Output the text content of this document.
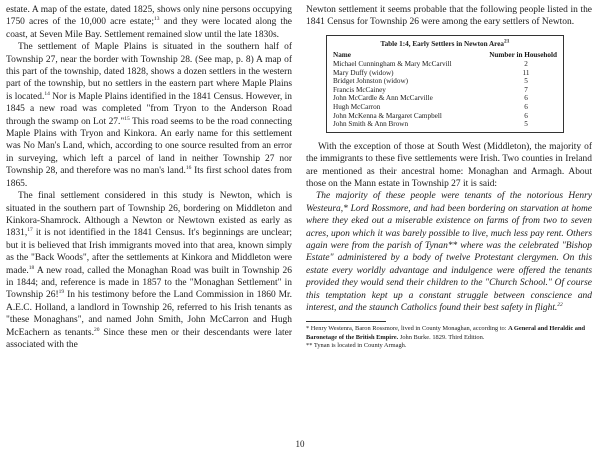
estate. A map of the estate, dated 1825, shows only nine persons occupying 1750 acres of the 10,000 acre estate;$^{13}$ and they were located along the coast, at Seven Mile Bay. Settlement remained slow until the late 1830s.

The settlement of Maple Plains is situated in the southern half of Township 27, near the border with Township 28. (See map, p. 8) A map of this part of the township, dated 1828, shows a dozen settlers in the western part of the township, but no settlers in the eastern part where Maple Plains is located.$^{14}$ Nor is Maple Plains identified in the 1841 Census. However, in 1845 a new road was completed "from Tryon to the Anderson Road through the swamp on Lot 27."$^{15}$ This road seems to be the road connecting Maple Plains with Tryon and Kinkora. An early name for this settlement was No Man's Land, which, according to one source resulted from an error in surveying, which left a parcel of land in neither Township 27 nor Township 28, and therefore was no man's land.$^{16}$ Its first school dates from 1865.

The final settlement considered in this study is Newton, which is situated in the southern part of Township 26, bordering on Middleton and Kinkora-Shamrock. Although a Newton or Newtown existed as early as 1831,17 it is not identified in the 1841 Census. It's beginnings are unclear; but it is believed that Irish immigrants moved into that area, known simply as the "Back Woods", after the settlements at Kinkora and Middleton were made.$^{18}$ A new road, called the Monaghan Road was built in Township 26 in 1844; and, reference is made in 1857 to the "Monaghan Settlement" in Township 26!$^{19}$ In his testimony before the Land Commission in 1860 Mr. A.E.C. Holland, a landlord in Township 26, referred to his Irish tenants as "these Monaghans", and named John Smith, John McCarron and Hugh McEachern as tenants.$^{20}$ Since these men or their descendants were later associated with the

Newton settlement it seems probable that the following people listed in the 1841 Census for Township 26 were among the eary settlers of Newton.

Table 1:4, Early Settlers in Newton Area$^{21}$
Name	Number in Household
Michael Cunningham & Mary McCarvill	2
Mary Duffy (widow)	11
Bridget Johnston (widow)	5
Francis McCainey	7
John McCardle & Ann McCarville	6
Hugh McCarron	6
John McKenna & Margaret Campbell	6
John Smith & Ann Brown	5

With the exception of those at South West (Middleton), the majority of the immigrants to these five settlements were Irish. Two counties in Ireland are mentioned as their ancestral home: Monaghan and Armagh. About those on the Mann estate in Township 27 it is said:

The majority of these people were tenants of the notorious Henry Westeura,* Lord Rossmore, and had been bordering on starvation at home where they eked out a miserable existence on farms of from two to seven acres, upon which it was barely possible to live, much less pay rent. Others again were from the parish of Tynan** where was the celebrated "Bishop Estate" administered by a body of twelve Protestant clergymen. On this estate every worldly advantage and indulgence were offered the tenants provided they would send their children to the "Church School." Of course this temptation kept up a constant struggle between conscience and interest, and the staunch Catholics found their best safety in flight.$^{22}$

* Henry Westenra, Baron Rossmore, lived in County Monaghan, according to: A General and Heraldic and Baronetage of the British Empire. John Burke. 1829. Third Edition.
** Tynan is located in County Armagh.
10
